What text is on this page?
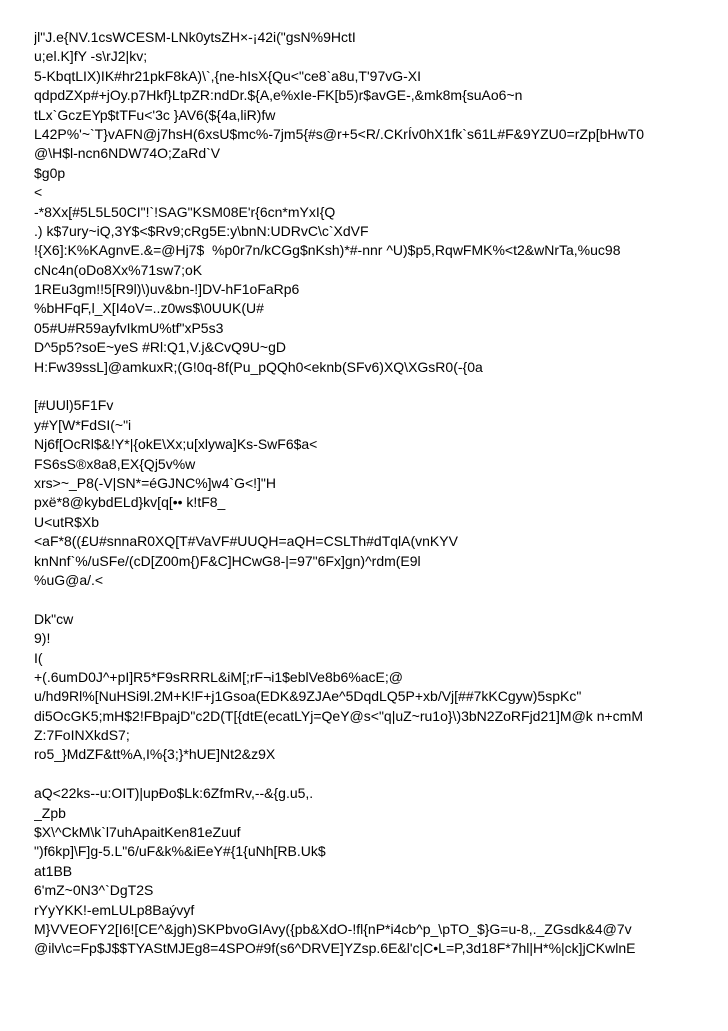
jl"J.e{NV.1csWCESM-LNk0ytsZH×-¡42i("gsN%9HctI
u;el.K]fY -s\rJ2|kv;
5-KbqtLIX)IK#hr21pkF8kA)\`,{ne-hIsX{Qu<"ce8`a8u,T'97vG-XI
qdpdZXp#+jOy.p7Hkf}LtpZR:ndDr.${A,e%xIe-FK[b5)r$avGE-,&mk8m{suAo6~n
tLx`GczEYp$tTFu<'3c }AV6(${4a,liR)fw
L42P%'~`T}vAFN@j7hsH(6xsU$mc%-7jm5{#s@r+5<R/.CKrÍv0hX1fk`s61L#F&9YZU0=rZp[bHwT0
@\H$l-ncn6NDW74O;ZaRd`V
$g0p
<
-*8Xx[#5L5L50CI"!`!SAG"KSM08E'r{6cn*mYxI{Q
.) k$7ury~iQ,3Y$<$Rv9;cRg5E:y\bnN:UDRvC\c`XdVF
!{X6]:K%KAgnvE.&=@Hj7$  %p0r7n/kCGg$nKsh)*#-nnr ^U)$p5,RqwFMK%<t2&wNrTa,%uc98
cNc4n(oDo8Xx%71sw7;oK
1REu3gm!!5[R9l)\)uv&bn-!]DV-hF1oFaRp6
%bHFqF,l_X[I4oV=..z0ws$\0UUK(U#
05#U#R59ayfvIkmU%tf"xP5s3
D^5p5?soE~yeS #Rl:Q1,V.j&CvQ9U~gD
H:Fw39ssL]@amkuxR;(G!0q-8f(Pu_pQQh0<eknb(SFv6)XQ\XGsR0(-{0a
[#UUl)5F1Fv
y#Y[W*FdSI(~"i
Nj6f[OcRl$&!Y*|{okE\Xx;u[xlywa]Ks-SwF6$a<
FS6sS®x8a8,EX{Qj5v%w
xrs>~_P8(-V|SN*=éGJNC%]w4`G<!]"H
pxë*8@kybdELd}kv[q[•• k!tF8_
U<utR$Xb
<aF*8((£U#snnaR0XQ[T#VaVF#UUQH=aQH=CSLTh#dTqlA(vnKYV
knNnf`%/uSFe/(cD[Z00m{)F&C]HCwG8-|=97"6Fx]gn)^rdm(E9l
%uG@a/.<
Dk"cw
9)!
I(
+(.6umD0J^+pI]R5*F9sRRRL&iM[;rF¬i1$eblVe8b6%acE;@
u/hd9Rl%[NuHSi9l.2M+K!F+j1Gsoa(EDK&9ZJAe^5DqdLQ5P+xb/Vj[##7kKCgyw)5spKc"
di5OcGK5;mH$2!FBpajD"c2D(T[{dtE(ecatLYj=QeY@s<"q|uZ~ru1o}\)3bN2ZoRFjd21]M@k n+cmM
Z:7FoINXkdS7;
ro5_}MdZF&tt%A,I%{3;}*hUE]Nt2&z9X
aQ<22ks--u:OIT)|upĐo$Lk:6ZfmRv,--&{g.u5,.
_Zpb
$X\^CkM\k`l7uhApaitKen81eZuuf
")f6kp]\F]g-5.L"6/uF&k%&iEeY#{1{uNh[RB.Uk$
at1BB
6'mZ~0N3^`DgT2S
rYyYKK!-emLULp8Baývyf
M}VVEOFY2[I6![CE^&jgh)SKPbvoGIAvy({pb&XdO-!fl{nP*i4cb^p_\pTO_$}G=u-8,._ZGsdk&4@7v
@ilv\c=Fp$J$$TYAStMJEg8=4SPO#9f(s6^DRVE]YZsp.6E&l'c|C•L=P,3d18F*7hl|H*%|ck]jCKwlnE
